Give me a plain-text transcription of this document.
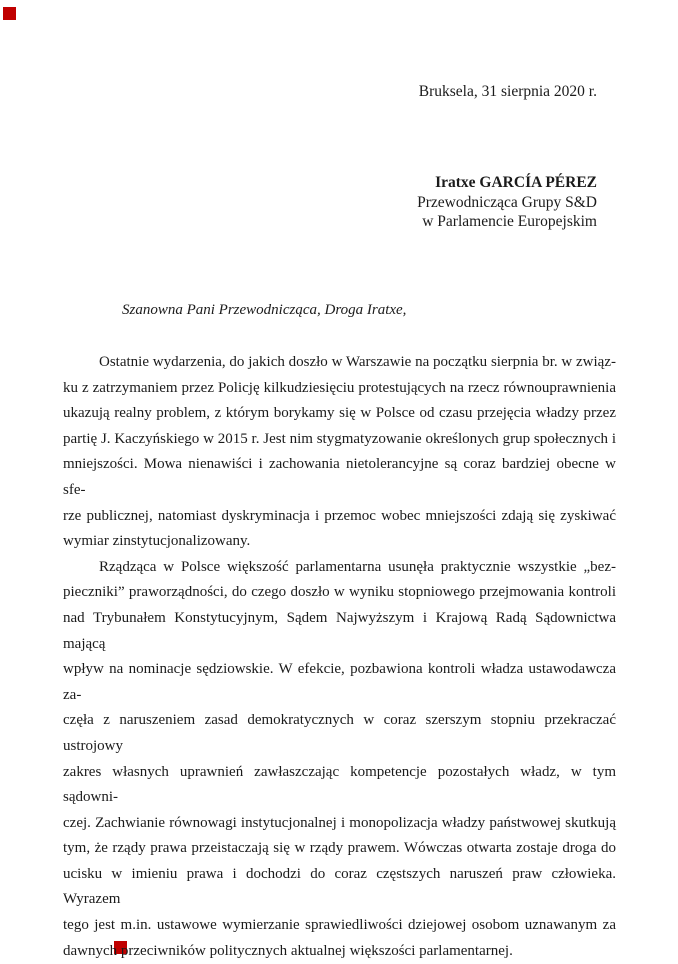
Bruksela, 31 sierpnia 2020 r.
Iratxe GARCÍA PÉREZ
Przewodnicząca Grupy S&D
w Parlamencie Europejskim
Szanowna Pani Przewodnicząca, Droga Iratxe,
Ostatnie wydarzenia, do jakich doszło w Warszawie na początku sierpnia br. w związ-
ku z zatrzymaniem przez Policję kilkudziesięciu protestujących na rzecz równouprawnienia
ukazują realny problem, z którym borykamy się w Polsce od czasu przejęcia władzy przez
partię J. Kaczyńskiego w 2015 r. Jest nim stygmatyzowanie określonych grup społecznych i
mniejszości. Mowa nienawiści i zachowania nietolerancyjne są coraz bardziej obecne w sfe-
rze publicznej, natomiast dyskryminacja i przemoc wobec mniejszości zdają się zyskiwać
wymiar zinstytucjonalizowany.
Rządząca w Polsce większość parlamentarna usunęła praktycznie wszystkie „bez-
pieczniki” praworządności, do czego doszło w wyniku stopniowego przejmowania kontroli
nad Trybunałem Konstytucyjnym, Sądem Najwyższym i Krajową Radą Sądownictwa mającą
wpływ na nominacje sędziowskie. W efekcie, pozbawiona kontroli władza ustawodawcza za-
częła z naruszeniem zasad demokratycznych w coraz szerszym stopniu przekraczać ustrojowy
zakres własnych uprawnień zawłaszczając kompetencje pozostałych władz, w tym sądowni-
czej. Zachwianie równowagi instytucjonalnej i monopolizacja władzy państwowej skutkują
tym, że rządy prawa przeistaczają się w rządy prawem. Wówczas otwarta zostaje droga do
ucisku w imieniu prawa i dochodzi do coraz częstszych naruszeń praw człowieka. Wyrazem
tego jest m.in. ustawowe wymierzanie sprawiedliwości dziejowej osobom uznawanym za
dawnych przeciwników politycznych aktualnej większości parlamentarnej.
